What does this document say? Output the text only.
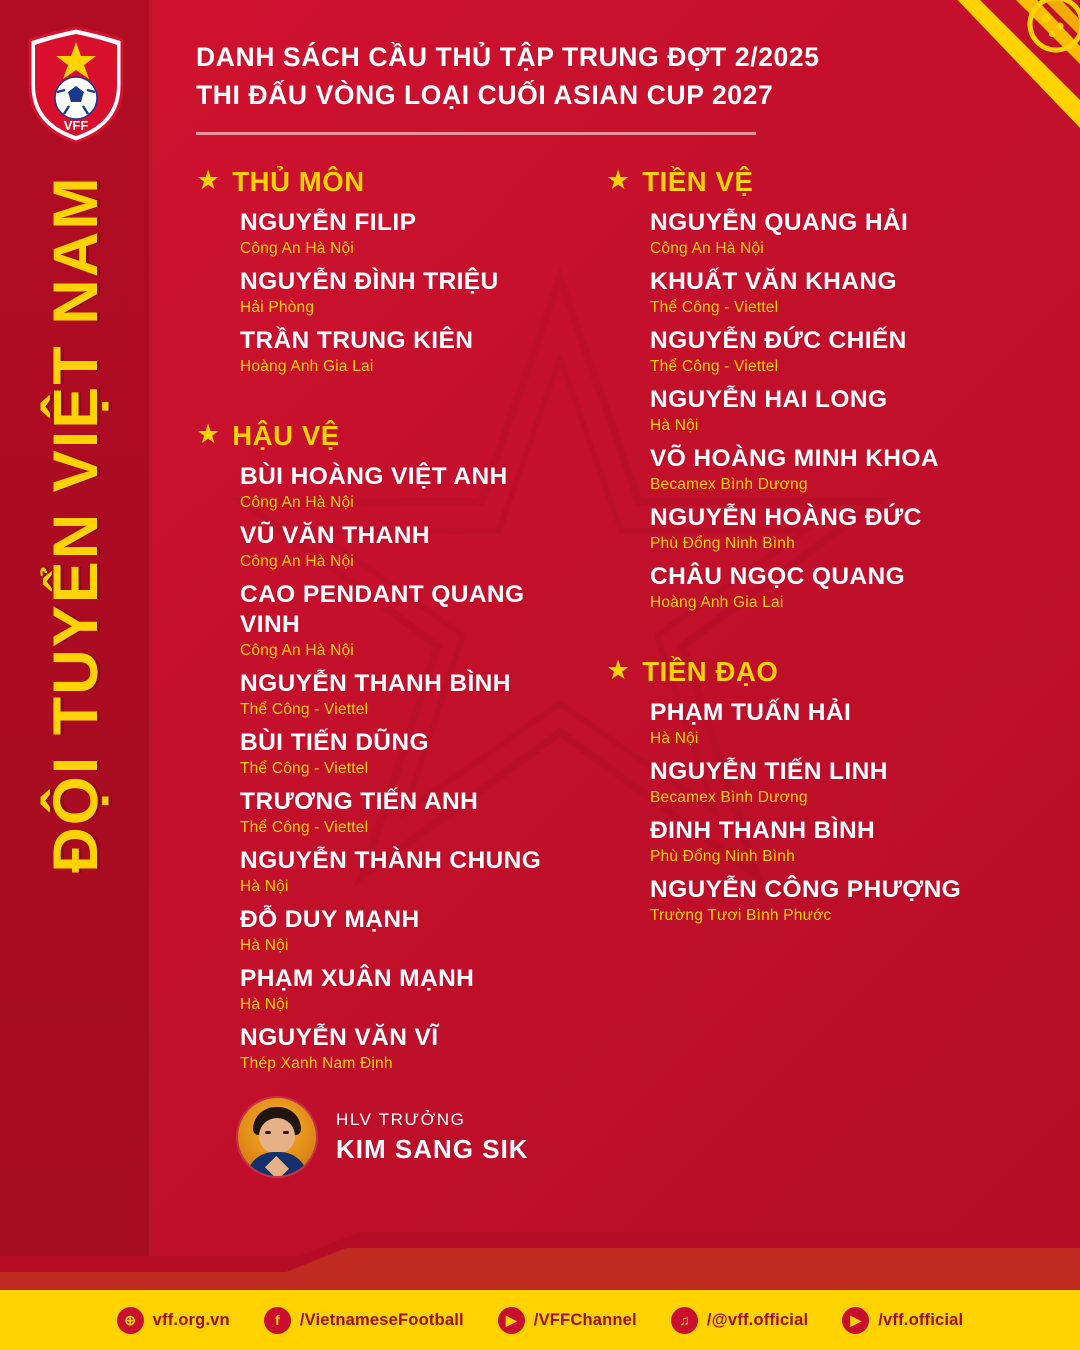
VFF
ĐỘI TUYỂN VIỆT NAM
DANH SÁCH CẦU THỦ TẬP TRUNG ĐỢT 2/2025
THI ĐẤU VÒNG LOẠI CUỐI ASIAN CUP 2027
★ THỦ MÔN
NGUYỄN FILIP
Công An Hà Nội
NGUYỄN ĐÌNH TRIỆU
Hải Phòng
TRẦN TRUNG KIÊN
Hoàng Anh Gia Lai
★ HẬU VỆ
BÙI HOÀNG VIỆT ANH
Công An Hà Nội
VŨ VĂN THANH
Công An Hà Nội
CAO PENDANT QUANG VINH
Công An Hà Nội
NGUYỄN THANH BÌNH
Thể Công - Viettel
BÙI TIẾN DŨNG
Thể Công - Viettel
TRƯƠNG TIẾN ANH
Thể Công - Viettel
NGUYỄN THÀNH CHUNG
Hà Nội
ĐỖ DUY MẠNH
Hà Nội
PHẠM XUÂN MẠNH
Hà Nội
NGUYỄN VĂN VĨ
Thép Xanh Nam Định
★ TIỀN VỆ
NGUYỄN QUANG HẢI
Công An Hà Nội
KHUẤT VĂN KHANG
Thể Công - Viettel
NGUYỄN ĐỨC CHIẾN
Thể Công - Viettel
NGUYỄN HAI LONG
Hà Nội
VÕ HOÀNG MINH KHOA
Becamex Bình Dương
NGUYỄN HOÀNG ĐỨC
Phù Đổng Ninh Bình
CHÂU NGỌC QUANG
Hoàng Anh Gia Lai
★ TIỀN ĐẠO
PHẠM TUẤN HẢI
Hà Nội
NGUYỄN TIẾN LINH
Becamex Bình Dương
ĐINH THANH BÌNH
Phù Đổng Ninh Bình
NGUYỄN CÔNG PHƯỢNG
Trường Tươi Bình Phước
HLV TRƯỞNG
KIM SANG SIK
⊕	vff.org.vn	f	/VietnameseFootball	▶	/VFFChannel	♫	/@vff.official	▶	/vff.official
